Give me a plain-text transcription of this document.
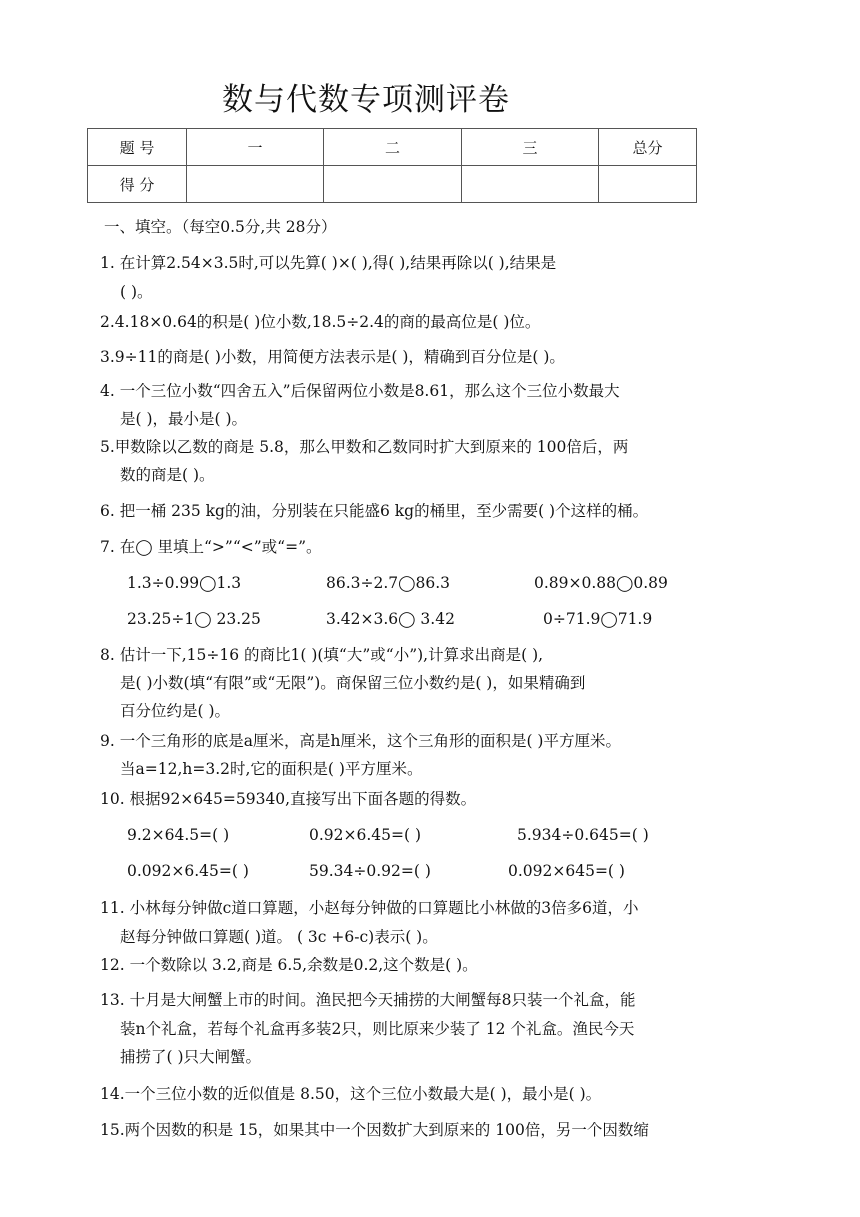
数与代数专项测评卷
题 号	一	二	三	总分
得 分				
一、填空。（每空0.5分,共 28分）
1. 在计算2.54×3.5时,可以先算( )×( ),得( ),结果再除以( ),结果是
( )。
2.4.18×0.64的积是( )位小数,18.5÷2.4的商的最高位是( )位。
3.9÷11的商是( )小数，用简便方法表示是( )，精确到百分位是( )。
4. 一个三位小数“四舍五入”后保留两位小数是8.61，那么这个三位小数最大
是( )，最小是( )。
5.甲数除以乙数的商是 5.8，那么甲数和乙数同时扩大到原来的 100倍后，两
数的商是( )。
6. 把一桶 235 kg的油，分别装在只能盛6 kg的桶里，至少需要( )个这样的桶。
7. 在◯ 里填上“>”“<”或“=”。
1.3÷0.99◯1.3	86.3÷2.7◯86.3	0.89×0.88◯0.89
23.25÷1◯ 23.25	3.42×3.6◯ 3.42	0÷71.9◯71.9
8. 估计一下,15÷16 的商比1( )(填“大”或“小”),计算求出商是( ),
是( )小数(填“有限”或“无限”)。商保留三位小数约是( )，如果精确到
百分位约是( )。
9. 一个三角形的底是a厘米，高是h厘米，这个三角形的面积是( )平方厘米。
当a=12,h=3.2时,它的面积是( )平方厘米。
10. 根据92×645=59340,直接写出下面各题的得数。
9.2×64.5=( )	0.92×6.45=( )	5.934÷0.645=( )
0.092×6.45=( )	59.34÷0.92=( )	0.092×645=( )
11. 小林每分钟做c道口算题，小赵每分钟做的口算题比小林做的3倍多6道，小
赵每分钟做口算题( )道。 ( 3c +6-c)表示( )。
12. 一个数除以 3.2,商是 6.5,余数是0.2,这个数是( )。
13. 十月是大闸蟹上市的时间。渔民把今天捕捞的大闸蟹每8只装一个礼盒，能
装n个礼盒，若每个礼盒再多装2只，则比原来少装了 12 个礼盒。渔民今天
捕捞了( )只大闸蟹。
14.一个三位小数的近似值是 8.50，这个三位小数最大是( )，最小是( )。
15.两个因数的积是 15，如果其中一个因数扩大到原来的 100倍，另一个因数缩
